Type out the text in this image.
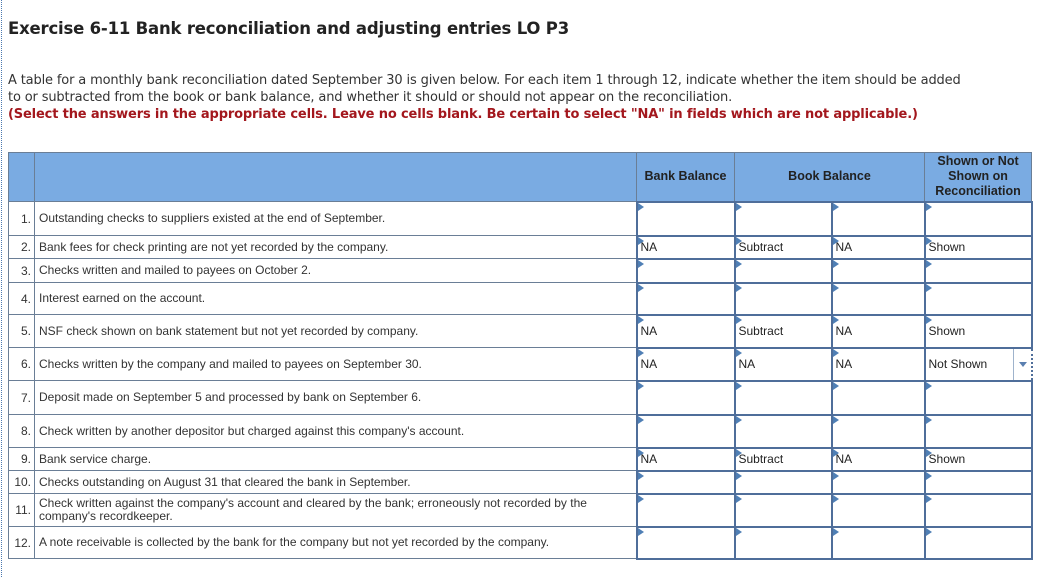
Exercise 6-11 Bank reconciliation and adjusting entries LO P3
A table for a monthly bank reconciliation dated September 30 is given below. For each item 1 through 12, indicate whether the item should be added to or subtracted from the book or bank balance, and whether it should or should not appear on the reconciliation.
(Select the answers in the appropriate cells. Leave no cells blank. Be certain to select "NA" in fields which are not applicable.)
		Bank Balance	Book Balance		Shown or Not Shown on Reconciliation
1.	Outstanding checks to suppliers existed at the end of September.	

2.	Bank fees for check printing are not yet recorded by the company.	NA	Subtract	NA	Shown

3.	Checks written and mailed to payees on October 2.	

4.	Interest earned on the account.	

5.	NSF check shown on bank statement but not yet recorded by company.	NA	Subtract	NA	Shown

6.	Checks written by the company and mailed to payees on September 30.	NA	NA	NA	Not Shown

7.	Deposit made on September 5 and processed by bank on September 6.	

8.	Check written by another depositor but charged against this company's account.	

9.	Bank service charge.	NA	Subtract	NA	Shown

10.	Checks outstanding on August 31 that cleared the bank in September.	

11.	Check written against the company's account and cleared by the bank; erroneously not recorded by the company's recordkeeper.	

12.	A note receivable is collected by the bank for the company but not yet recorded by the company.	
